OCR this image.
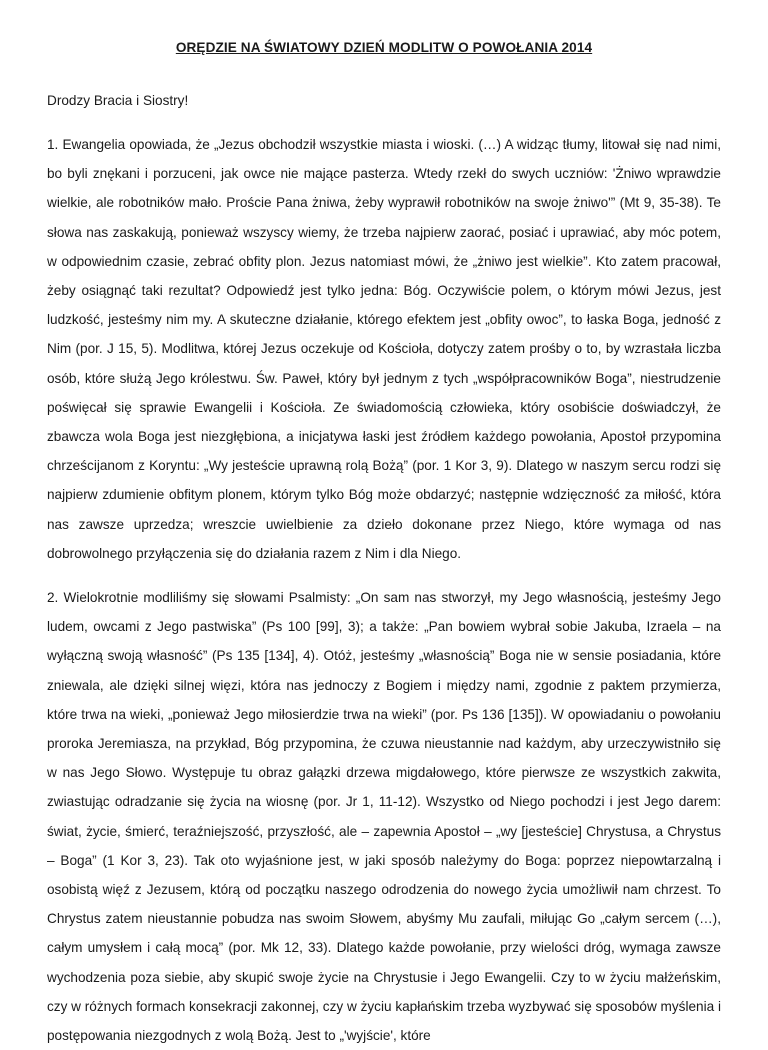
ORĘDZIE NA ŚWIATOWY DZIEŃ MODLITW O POWOŁANIA 2014

Drodzy Bracia i Siostry!

1. Ewangelia opowiada, że „Jezus obchodził wszystkie miasta i wioski. (…) A widząc tłumy, litował się nad nimi, bo byli znękani i porzuceni, jak owce nie mające pasterza. Wtedy rzekł do swych uczniów: 'Żniwo wprawdzie wielkie, ale robotników mało. Proście Pana żniwa, żeby wyprawił robotników na swoje żniwo'” (Mt 9, 35-38). Te słowa nas zaskakują, ponieważ wszyscy wiemy, że trzeba najpierw zaorać, posiać i uprawiać, aby móc potem, w odpowiednim czasie, zebrać obfity plon. Jezus natomiast mówi, że „żniwo jest wielkie”. Kto zatem pracował, żeby osiągnąć taki rezultat? Odpowiedź jest tylko jedna: Bóg. Oczywiście polem, o którym mówi Jezus, jest ludzkość, jesteśmy nim my. A skuteczne działanie, którego efektem jest „obfity owoc”, to łaska Boga, jedność z Nim (por. J 15, 5). Modlitwa, której Jezus oczekuje od Kościoła, dotyczy zatem prośby o to, by wzrastała liczba osób, które służą Jego królestwu. Św. Paweł, który był jednym z tych „współpracowników Boga”, niestrudzenie poświęcał się sprawie Ewangelii i Kościoła. Ze świadomością człowieka, który osobiście doświadczył, że zbawcza wola Boga jest niezgłębiona, a inicjatywa łaski jest źródłem każdego powołania, Apostoł przypomina chrześcijanom z Koryntu: „Wy jesteście uprawną rolą Bożą” (por. 1 Kor 3, 9). Dlatego w naszym sercu rodzi się najpierw zdumienie obfitym plonem, którym tylko Bóg może obdarzyć; następnie wdzięczność za miłość, która nas zawsze uprzedza; wreszcie uwielbienie za dzieło dokonane przez Niego, które wymaga od nas dobrowolnego przyłączenia się do działania razem z Nim i dla Niego.

2. Wielokrotnie modliliśmy się słowami Psalmisty: „On sam nas stworzył, my Jego własnością, jesteśmy Jego ludem, owcami z Jego pastwiska” (Ps 100 [99], 3); a także: „Pan bowiem wybrał sobie Jakuba, Izraela – na wyłączną swoją własność” (Ps 135 [134], 4). Otóż, jesteśmy „własnością” Boga nie w sensie posiadania, które zniewala, ale dzięki silnej więzi, która nas jednoczy z Bogiem i między nami, zgodnie z paktem przymierza, które trwa na wieki, „ponieważ Jego miłosierdzie trwa na wieki” (por. Ps 136 [135]). W opowiadaniu o powołaniu proroka Jeremiasza, na przykład, Bóg przypomina, że czuwa nieustannie nad każdym, aby urzeczywistniło się w nas Jego Słowo. Występuje tu obraz gałązki drzewa migdałowego, które pierwsze ze wszystkich zakwita, zwiastując odradzanie się życia na wiosnę (por. Jr 1, 11-12). Wszystko od Niego pochodzi i jest Jego darem: świat, życie, śmierć, teraźniejszość, przyszłość, ale – zapewnia Apostoł – „wy [jesteście] Chrystusa, a Chrystus – Boga” (1 Kor 3, 23). Tak oto wyjaśnione jest, w jaki sposób należymy do Boga: poprzez niepowtarzalną i osobistą więź z Jezusem, którą od początku naszego odrodzenia do nowego życia umożliwił nam chrzest. To Chrystus zatem nieustannie pobudza nas swoim Słowem, abyśmy Mu zaufali, miłując Go „całym sercem (…), całym umysłem i całą mocą” (por. Mk 12, 33). Dlatego każde powołanie, przy wielości dróg, wymaga zawsze wychodzenia poza siebie, aby skupić swoje życie na Chrystusie i Jego Ewangelii. Czy to w życiu małżeńskim, czy w różnych formach konsekracji zakonnej, czy w życiu kapłańskim trzeba wyzbywać się sposobów myślenia i postępowania niezgodnych z wolą Bożą. Jest to „'wyjście', które
